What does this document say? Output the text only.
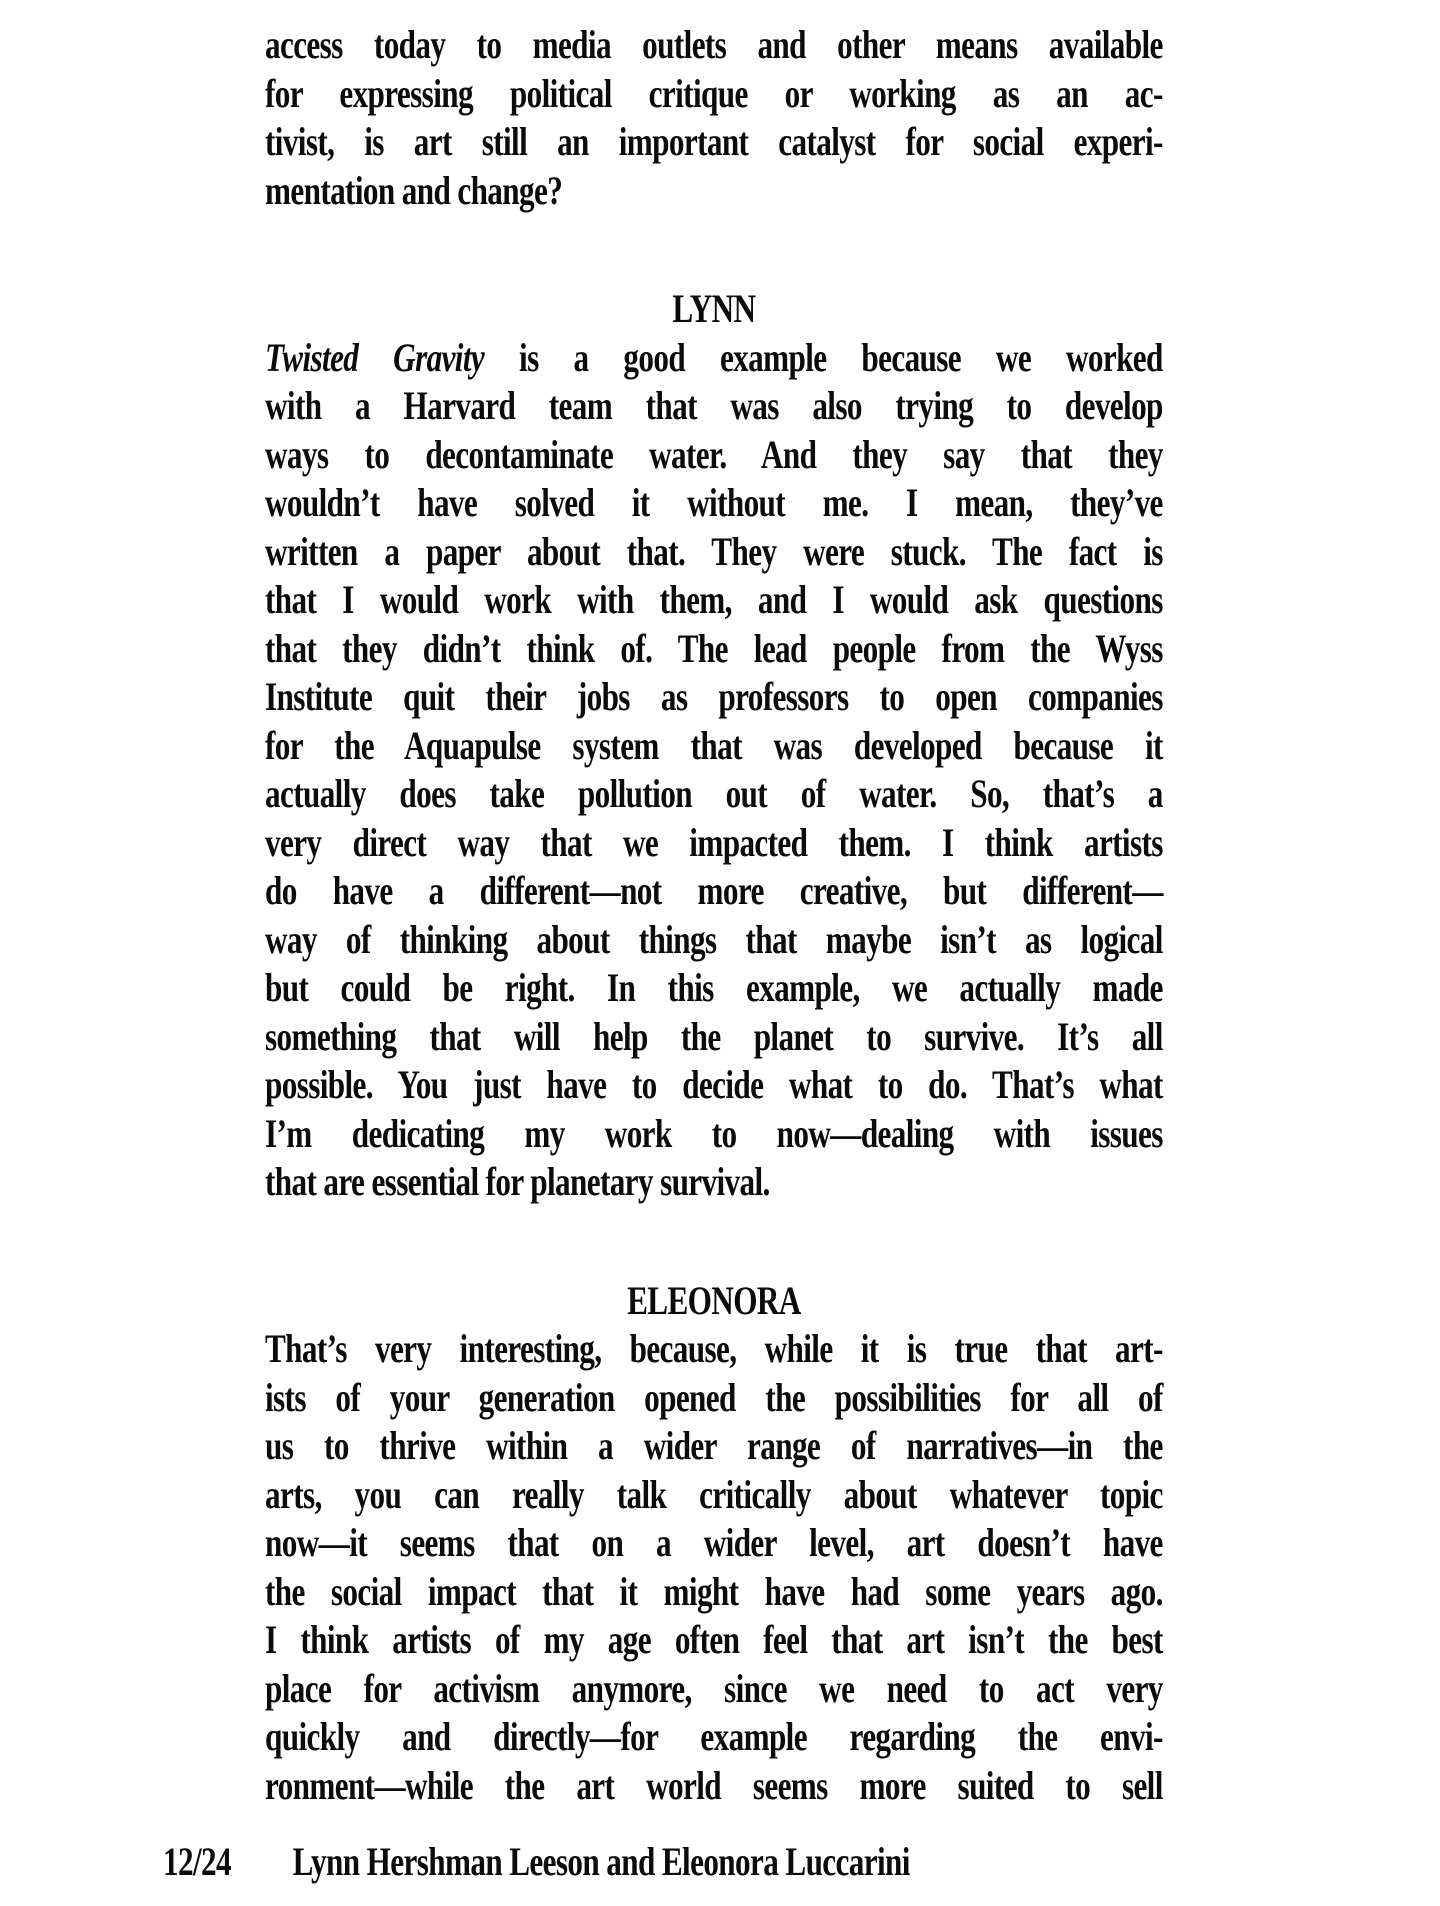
access today to media outlets and other means available
for expressing political critique or working as an ac-
tivist, is art still an important catalyst for social experi-
mentation and change?
LYNN
Twisted Gravity is a good example because we worked
with a Harvard team that was also trying to develop
ways to decontaminate water. And they say that they
wouldn’t have solved it without me. I mean, they’ve
written a paper about that. They were stuck. The fact is
that I would work with them, and I would ask questions
that they didn’t think of. The lead people from the Wyss
Institute quit their jobs as professors to open companies
for the Aquapulse system that was developed because it
actually does take pollution out of water. So, that’s a
very direct way that we impacted them. I think artists
do have a different—not more creative, but different—
way of thinking about things that maybe isn’t as logical
but could be right. In this example, we actually made
something that will help the planet to survive. It’s all
possible. You just have to decide what to do. That’s what
I’m dedicating my work to now—dealing with issues
that are essential for planetary survival.
ELEONORA
That’s very interesting, because, while it is true that art-
ists of your generation opened the possibilities for all of
us to thrive within a wider range of narratives—in the
arts, you can really talk critically about whatever topic
now—it seems that on a wider level, art doesn’t have
the social impact that it might have had some years ago.
I think artists of my age often feel that art isn’t the best
place for activism anymore, since we need to act very
quickly and directly—for example regarding the envi-
ronment—while the art world seems more suited to sell
12/24 Lynn Hershman Leeson and Eleonora Luccarini
